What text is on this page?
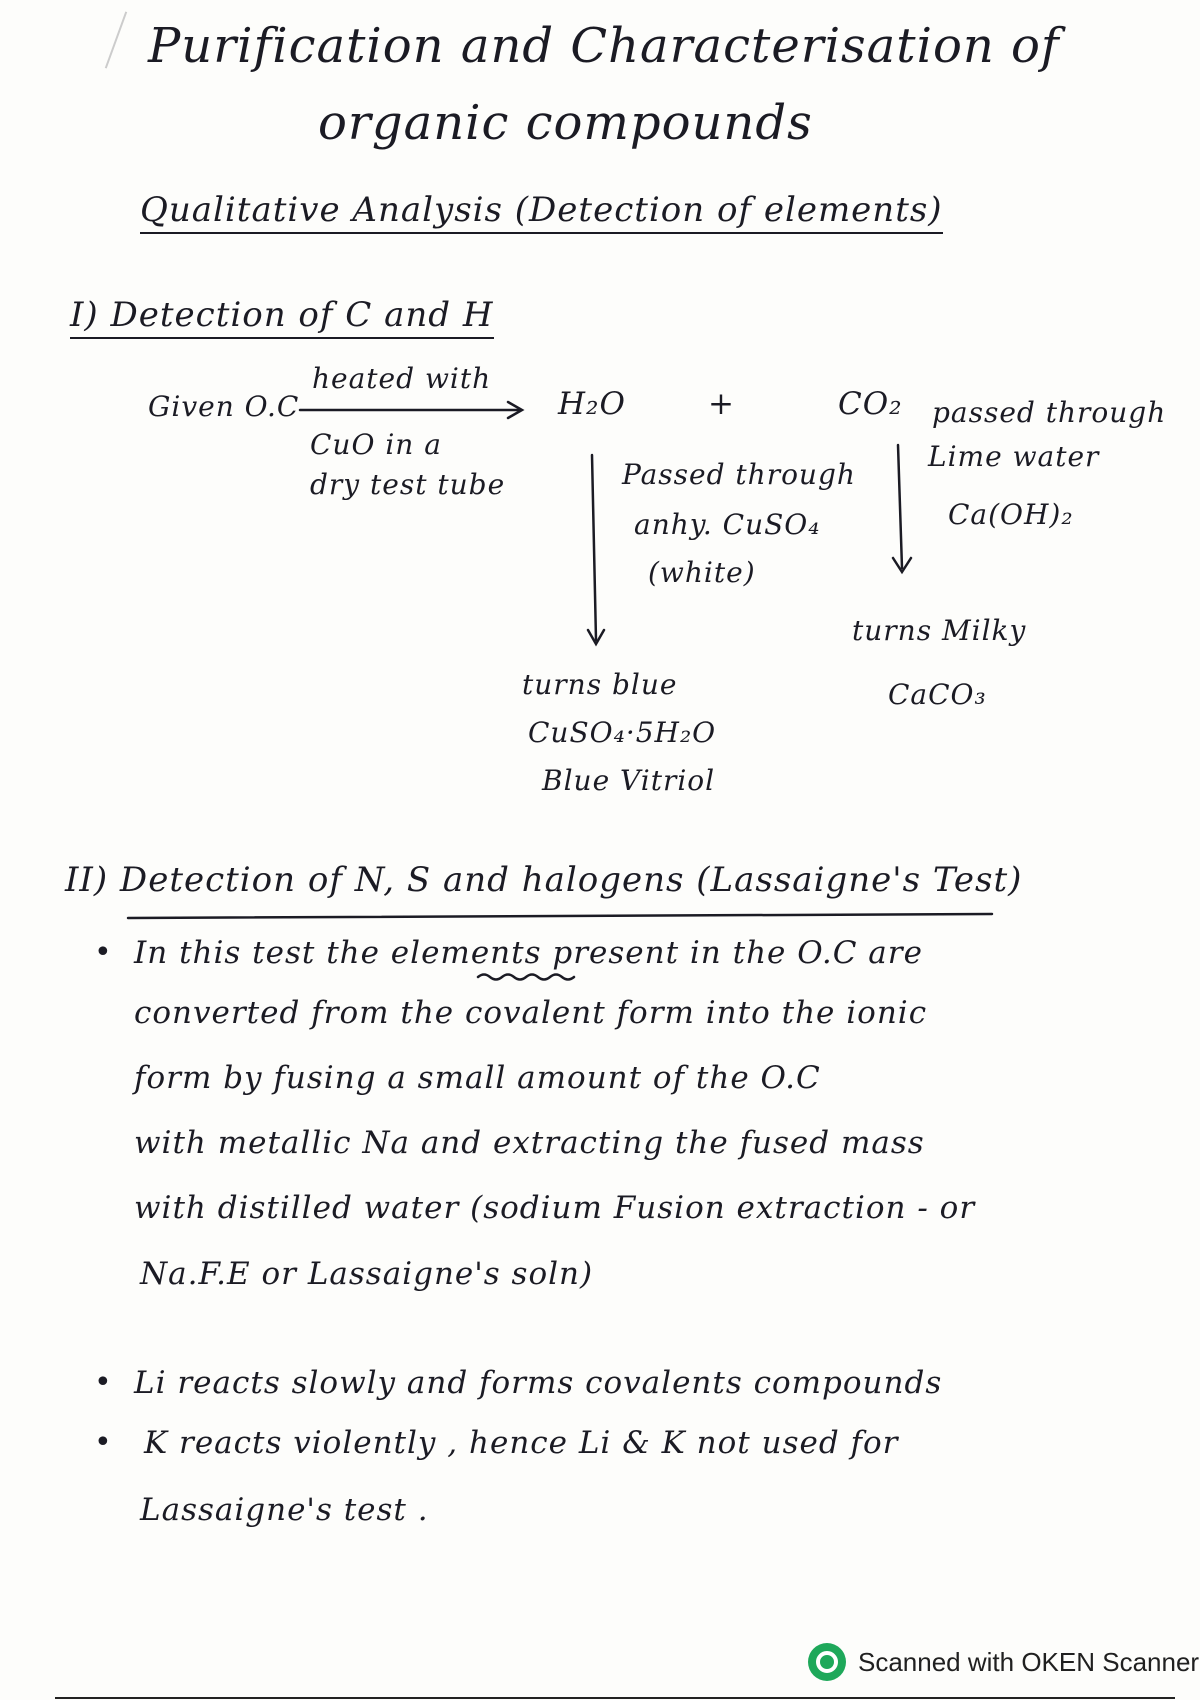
Purification and Characterisation of
organic compounds
Qualitative Analysis (Detection of elements)
I) Detection of C and H
Given O.C
heated with
CuO in a
dry test tube
H₂O	+	CO₂
Passed through
anhy. CuSO₄
(white)
turns blue
CuSO₄·5H₂O
Blue Vitriol
passed through
Lime water
Ca(OH)₂
turns Milky
CaCO₃
II) Detection of N, S and halogens (Lassaigne's Test)
• In this test the elements present in the O.C are
converted from the covalent form into the ionic
form by fusing a small amount of the O.C
with metallic Na and extracting the fused mass
with distilled water (sodium Fusion extraction - or
Na.F.E or Lassaigne's soln)
• Li reacts slowly and forms covalents compounds
• K reacts violently , hence Li & K not used for
Lassaigne's test .
Scanned with OKEN Scanner
